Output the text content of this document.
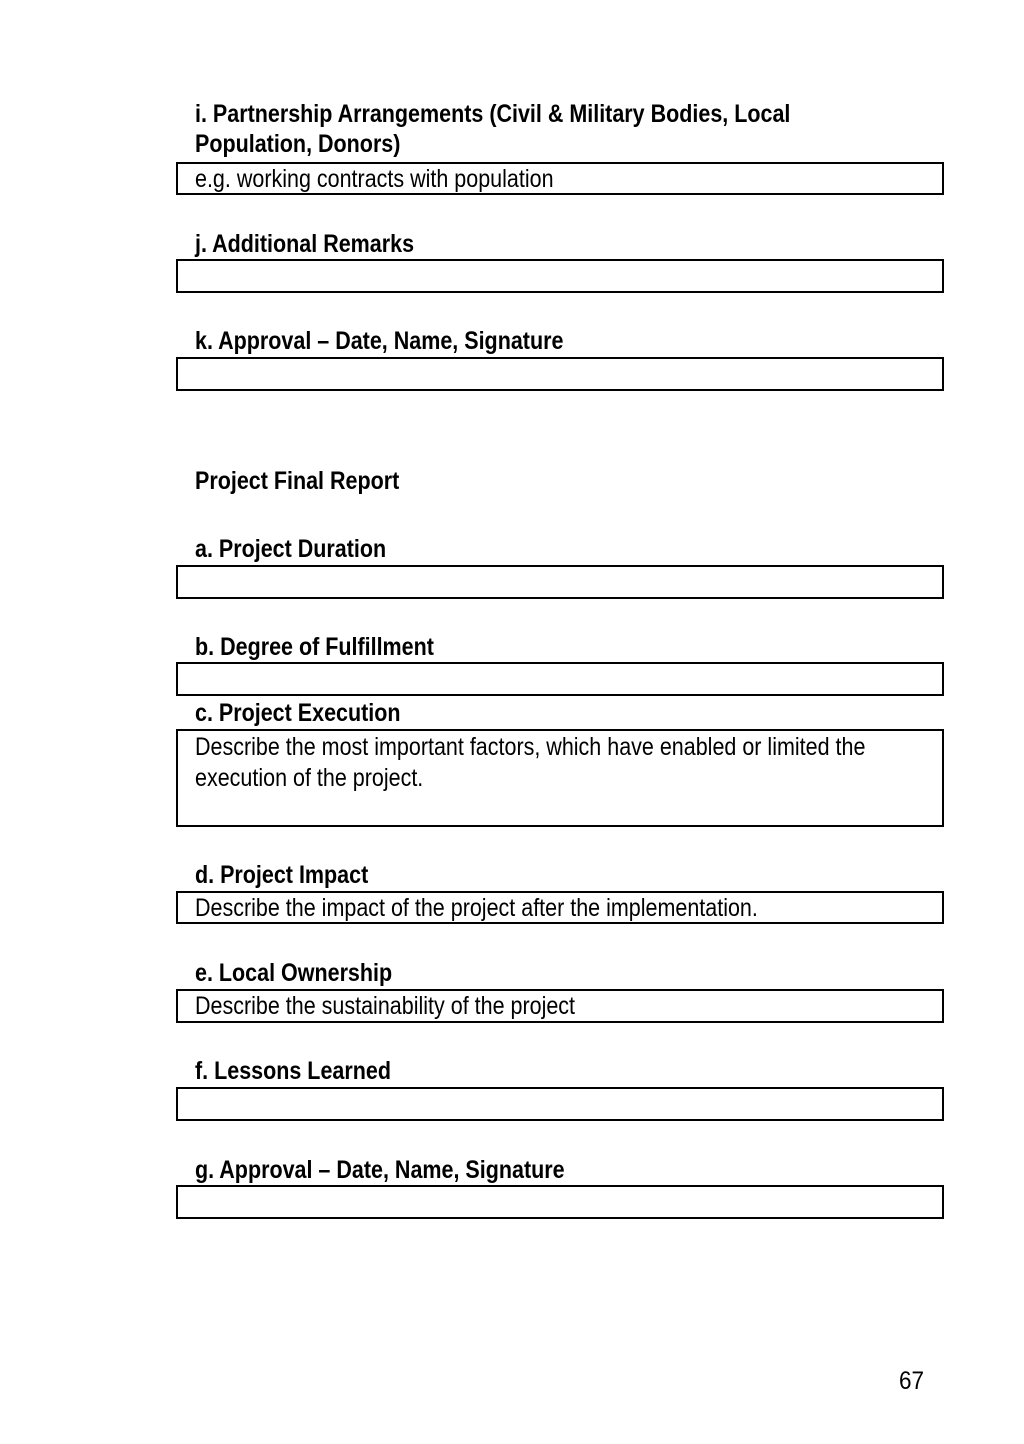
i. Partnership Arrangements (Civil & Military Bodies, Local
Population, Donors)
e.g. working contracts with population
j. Additional Remarks
k. Approval – Date, Name, Signature
Project Final Report
a. Project Duration
b. Degree of Fulfillment
c. Project Execution
Describe the most important factors, which have enabled or limited the
execution of the project.
d. Project Impact
Describe the impact of the project after the implementation.
e. Local Ownership
Describe the sustainability of the project
f. Lessons Learned
g. Approval – Date, Name, Signature
67
